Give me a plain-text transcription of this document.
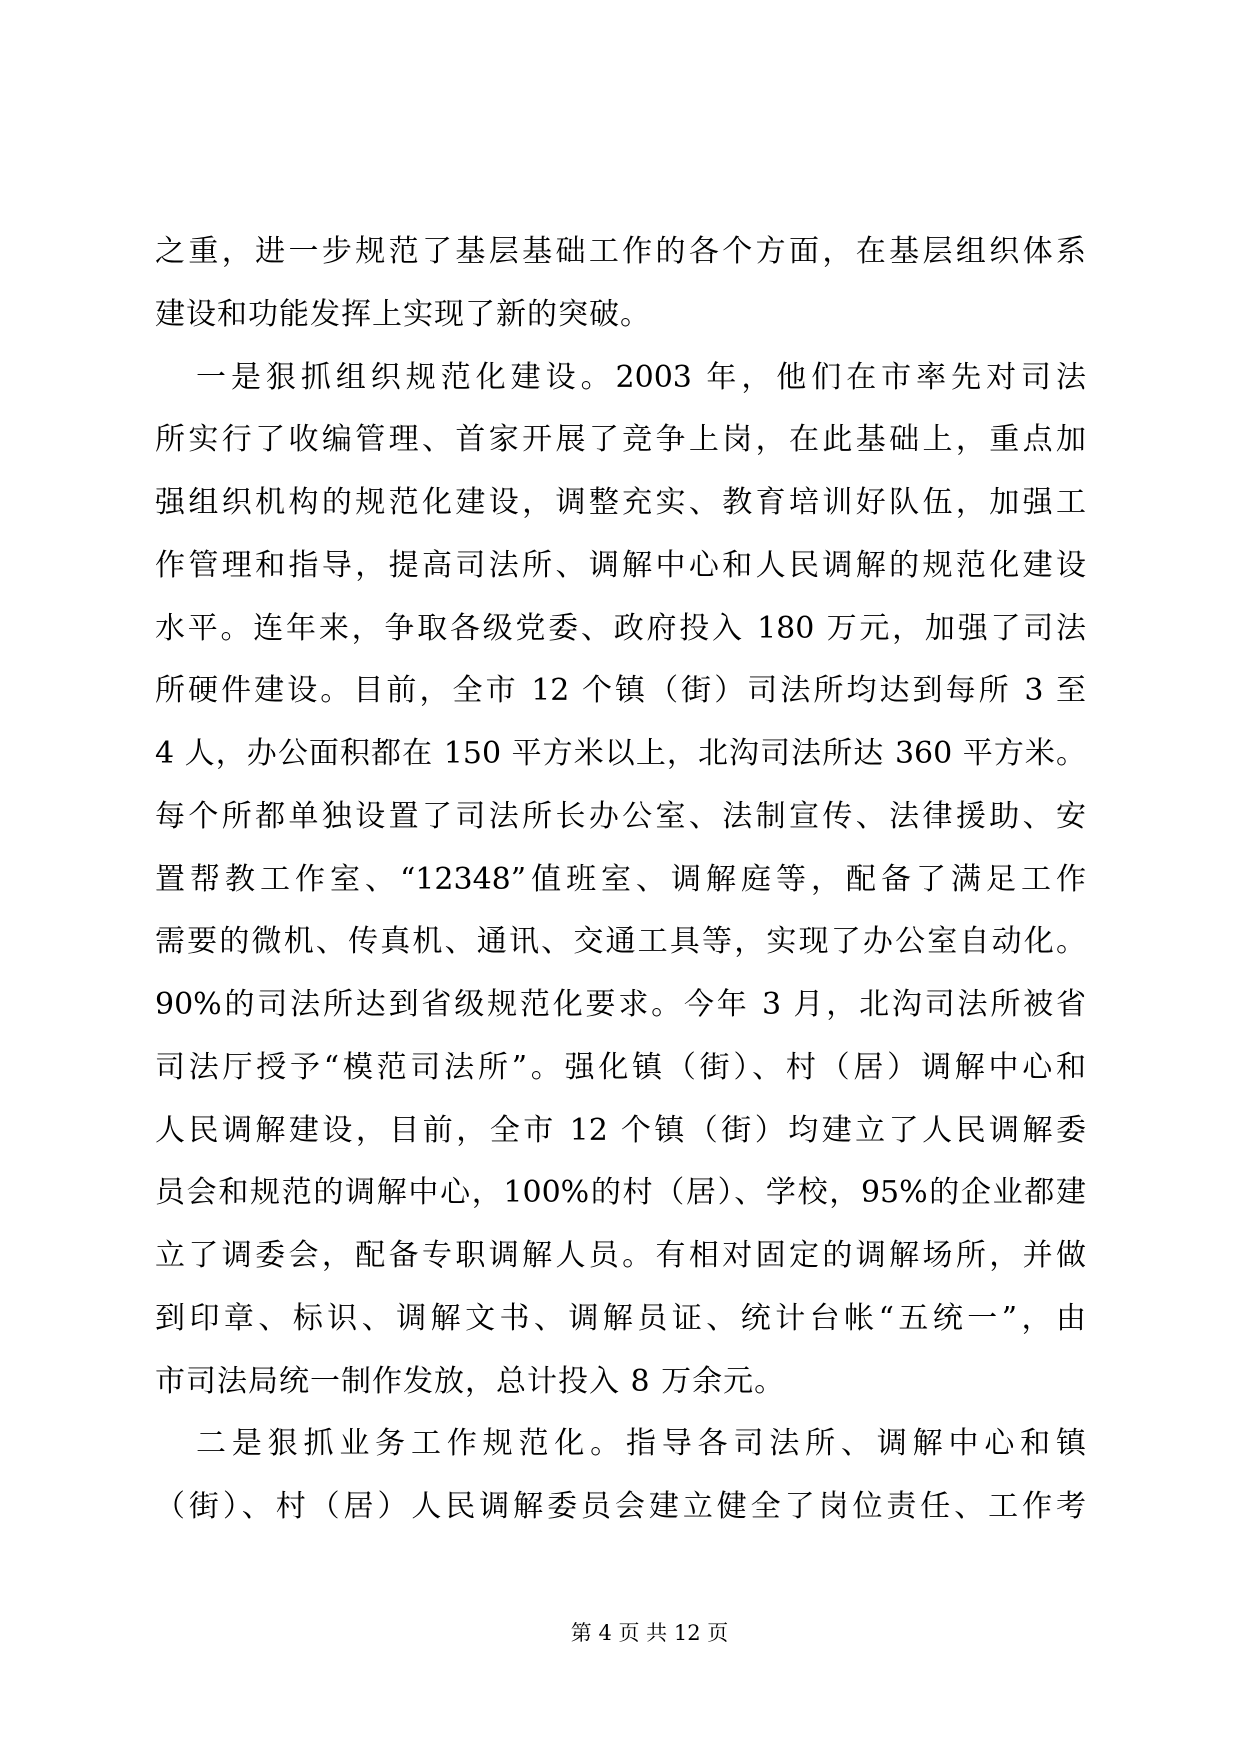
之重，进一步规范了基层基础工作的各个方面，在基层组织体系
建设和功能发挥上实现了新的突破。
一是狠抓组织规范化建设。2003 年，他们在市率先对司法
所实行了收编管理、首家开展了竞争上岗，在此基础上，重点加
强组织机构的规范化建设，调整充实、教育培训好队伍，加强工
作管理和指导，提高司法所、调解中心和人民调解的规范化建设
水平。连年来，争取各级党委、政府投入 180 万元，加强了司法
所硬件建设。目前，全市 12 个镇（街）司法所均达到每所 3 至
4 人，办公面积都在 150 平方米以上，北沟司法所达 360 平方米。
每个所都单独设置了司法所长办公室、法制宣传、法律援助、安
置帮教工作室、“12348”值班室、调解庭等，配备了满足工作
需要的微机、传真机、通讯、交通工具等，实现了办公室自动化。
90%的司法所达到省级规范化要求。今年 3 月，北沟司法所被省
司法厅授予“模范司法所”。强化镇（街）、村（居）调解中心和
人民调解建设，目前，全市 12 个镇（街）均建立了人民调解委
员会和规范的调解中心，100%的村（居）、学校，95%的企业都建
立了调委会，配备专职调解人员。有相对固定的调解场所，并做
到印章、标识、调解文书、调解员证、统计台帐“五统一”，由
市司法局统一制作发放，总计投入 8 万余元。
二是狠抓业务工作规范化。指导各司法所、调解中心和镇
（街）、村（居）人民调解委员会建立健全了岗位责任、工作考
第 4 页 共 12 页
